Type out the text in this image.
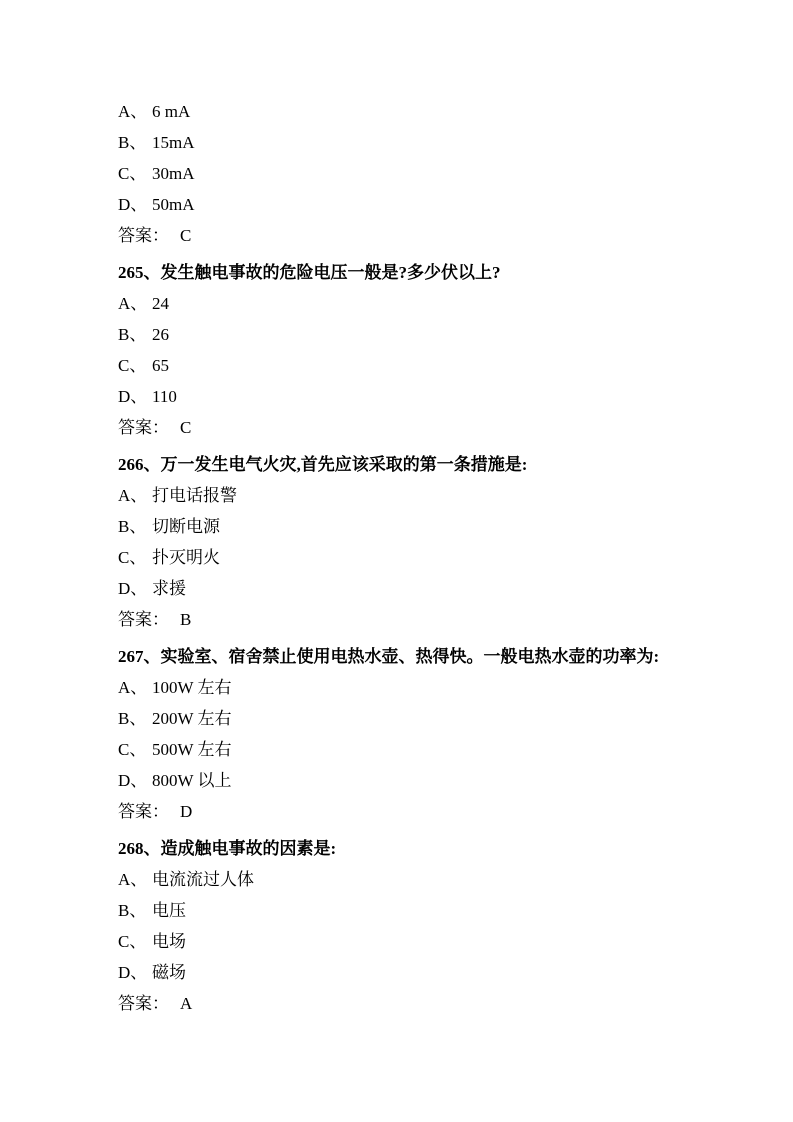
A、 6 mA
B、 15mA
C、 30mA
D、 50mA
答案： C
265、发生触电事故的危险电压一般是?多少伏以上?
A、 24
B、 26
C、 65
D、 110
答案： C
266、万一发生电气火灾,首先应该采取的第一条措施是:
A、 打电话报警
B、 切断电源
C、 扑灭明火
D、 求援
答案： B
267、实验室、宿舍禁止使用电热水壶、热得快。一般电热水壶的功率为:
A、 100W 左右
B、 200W 左右
C、 500W 左右
D、 800W 以上
答案： D
268、造成触电事故的因素是:
A、 电流流过人体
B、 电压
C、 电场
D、 磁场
答案： A
